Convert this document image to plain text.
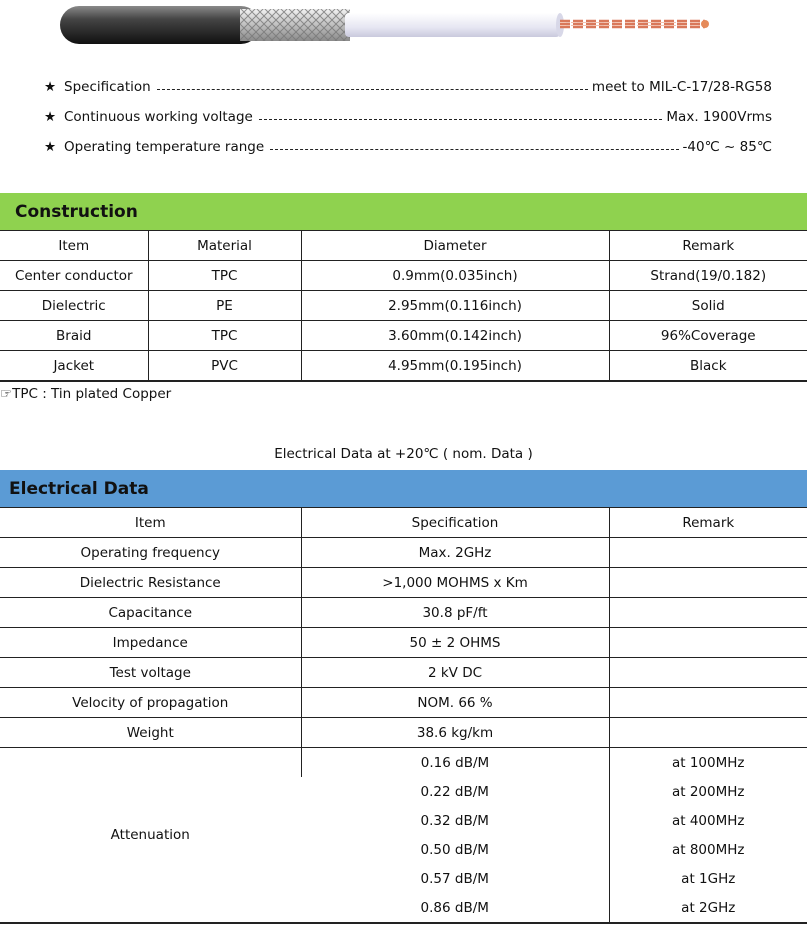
★ Specification	meet to MIL-C-17/28-RG58
★ Continuous working voltage	Max. 1900Vrms
★ Operating temperature range	-40℃ ~ 85℃
Construction
Item	Material	Diameter	Remark
Center conductor	TPC	0.9mm(0.035inch)	Strand(19/0.182)
Dielectric	PE	2.95mm(0.116inch)	Solid
Braid	TPC	3.60mm(0.142inch)	96%Coverage
Jacket	PVC	4.95mm(0.195inch)	Black
☞TPC : Tin plated Copper
Electrical Data at +20℃ ( nom. Data )
Electrical Data
Item	Specification	Remark
Operating frequency	Max. 2GHz	
Dielectric Resistance	>1,000 MOHMS x Km	
Capacitance	30.8 pF/ft	
Impedance	50 ± 2 OHMS	
Test voltage	2 kV DC	
Velocity of propagation	NOM. 66 %	
Weight	38.6 kg/km	
Attenuation	0.16 dB/M	at 100MHz
	0.22 dB/M	at 200MHz
	0.32 dB/M	at 400MHz
	0.50 dB/M	at 800MHz
	0.57 dB/M	at 1GHz
	0.86 dB/M	at 2GHz
